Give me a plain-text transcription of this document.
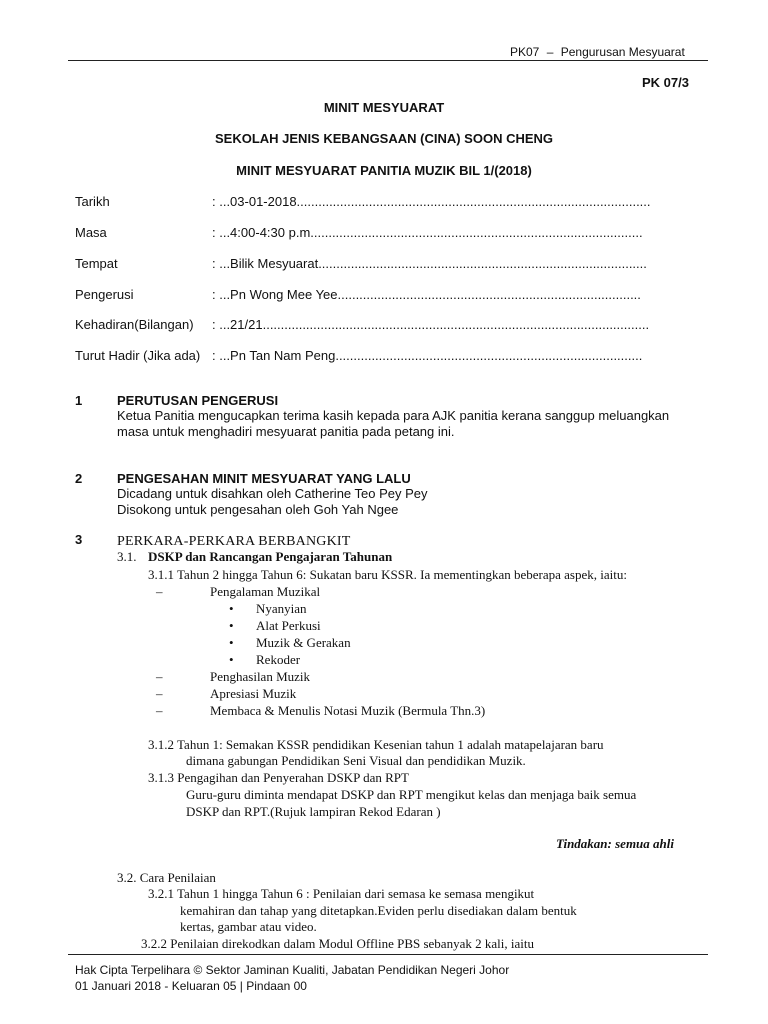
PK07 – Pengurusan Mesyuarat
PK 07/3
MINIT MESYUARAT
SEKOLAH JENIS KEBANGSAAN (CINA) SOON CHENG
MINIT MESYUARAT PANITIA MUZIK BIL 1/(2018)
Tarikh	: ...03-01-2018..................................................................................................
Masa	: ...4:00-4:30 p.m............................................................................................
Tempat	: ...Bilik Mesyuarat...........................................................................................
Pengerusi	: ...Pn Wong Mee Yee....................................................................................
Kehadiran(Bilangan) : ...21/21...........................................................................................................
Turut Hadir (Jika ada) : ...Pn Tan Nam Peng.....................................................................................
1	PERUTUSAN PENGERUSI
Ketua Panitia mengucapkan terima kasih kepada para AJK panitia kerana sanggup meluangkan
masa untuk menghadiri mesyuarat panitia pada petang ini.
2	PENGESAHAN MINIT MESYUARAT YANG LALU
Dicadang untuk disahkan oleh Catherine Teo Pey Pey
Disokong untuk pengesahan oleh Goh Yah Ngee
3 PERKARA-PERKARA BERBANGKIT
3.1. DSKP dan Rancangan Pengajaran Tahunan
3.1.1 Tahun 2 hingga Tahun 6: Sukatan baru KSSR. Ia mementingkan beberapa aspek, iaitu:
–	Pengalaman Muzikal
• Nyanyian
• Alat Perkusi
• Muzik & Gerakan
• Rekoder
–	Penghasilan Muzik
–	Apresiasi Muzik
–	Membaca & Menulis Notasi Muzik (Bermula Thn.3)
3.1.2 Tahun 1: Semakan KSSR pendidikan Kesenian tahun 1 adalah matapelajaran baru
dimana gabungan Pendidikan Seni Visual dan pendidikan Muzik.
3.1.3 Pengagihan dan Penyerahan DSKP dan RPT
Guru-guru diminta mendapat DSKP dan RPT mengikut kelas dan menjaga baik semua
DSKP dan RPT.(Rujuk lampiran Rekod Edaran )
Tindakan: semua ahli
3.2. Cara Penilaian
3.2.1 Tahun 1 hingga Tahun 6 : Penilaian dari semasa ke semasa mengikut
kemahiran dan tahap yang ditetapkan.Eviden perlu disediakan dalam bentuk
kertas, gambar atau video.
3.2.2 Penilaian direkodkan dalam Modul Offline PBS sebanyak 2 kali, iaitu
Hak Cipta Terpelihara © Sektor Jaminan Kualiti, Jabatan Pendidikan Negeri Johor
01 Januari 2018 - Keluaran 05 | Pindaan 00
